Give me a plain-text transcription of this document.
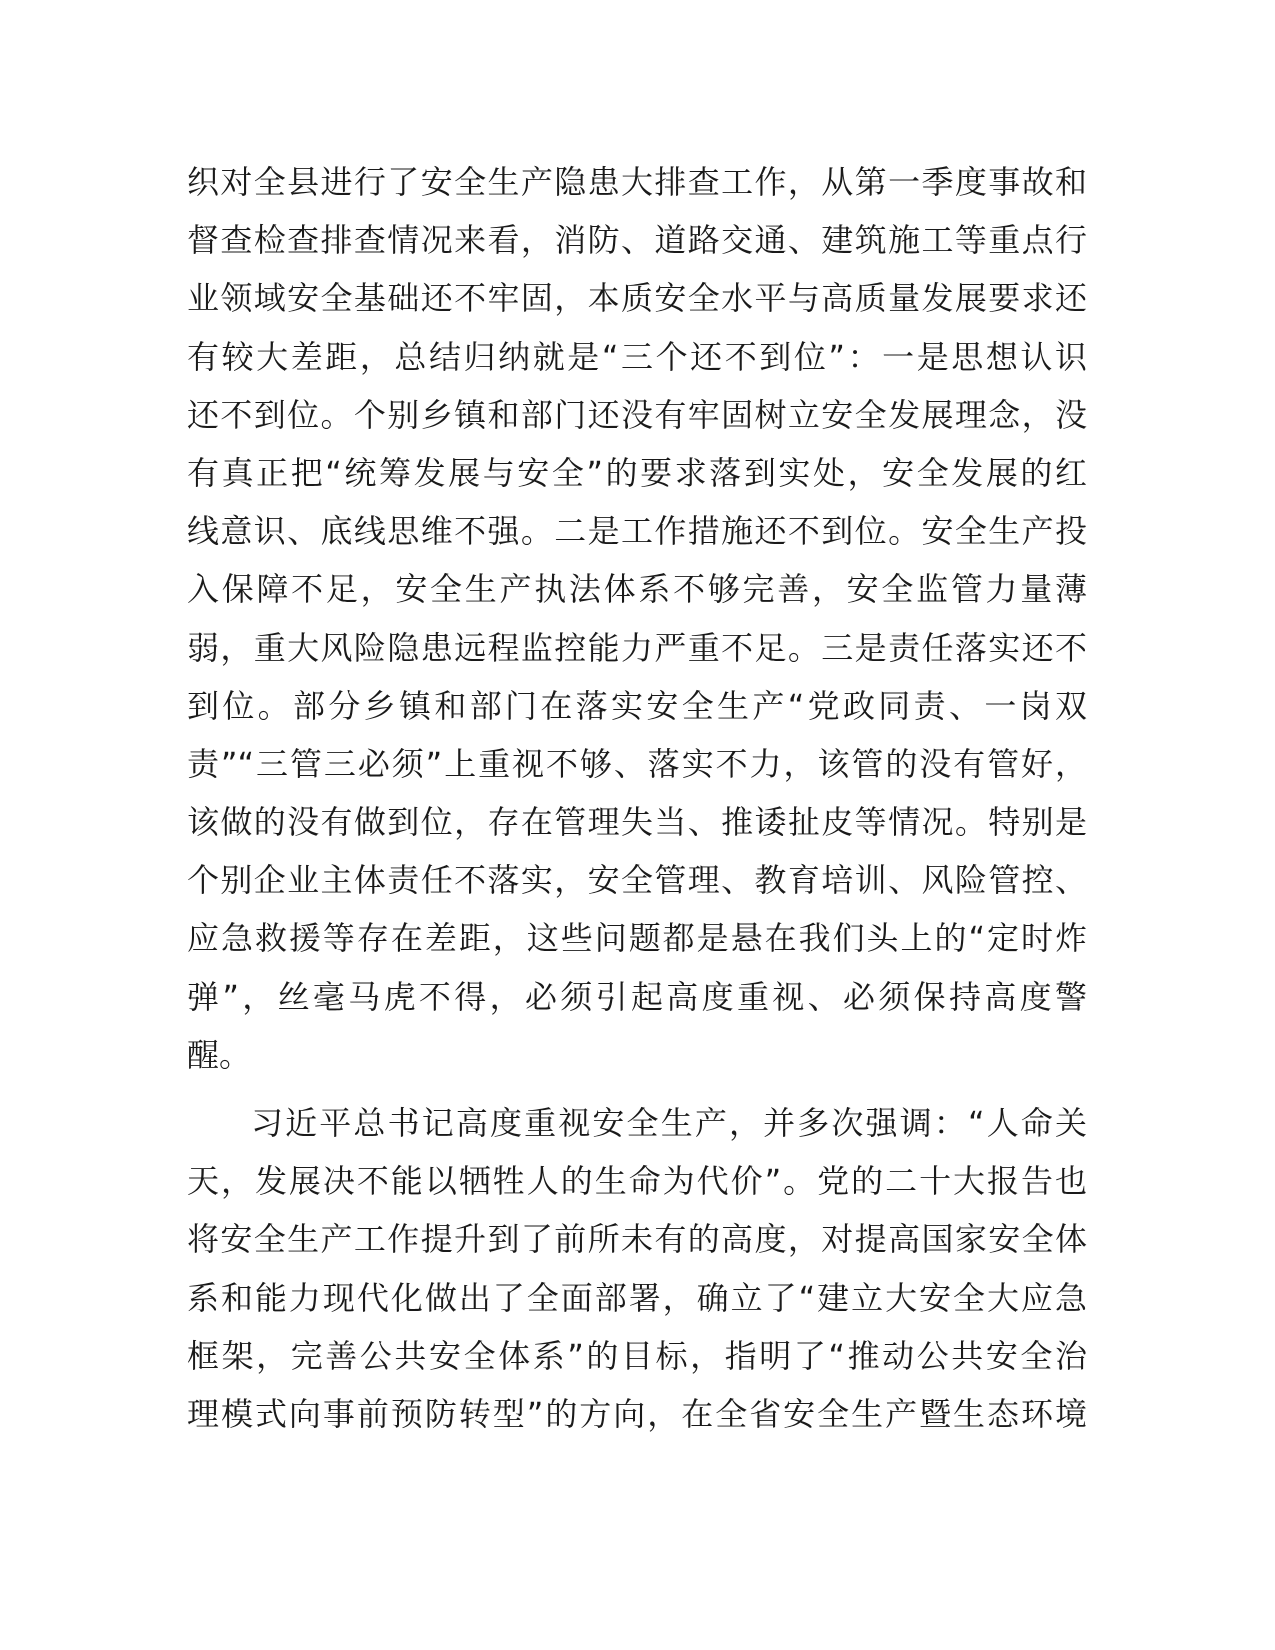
织对全县进行了安全生产隐患大排查工作，从第一季度事故和
督查检查排查情况来看，消防、道路交通、建筑施工等重点行
业领域安全基础还不牢固，本质安全水平与高质量发展要求还
有较大差距，总结归纳就是“三个还不到位”：一是思想认识
还不到位。个别乡镇和部门还没有牢固树立安全发展理念，没
有真正把“统筹发展与安全”的要求落到实处，安全发展的红
线意识、底线思维不强。二是工作措施还不到位。安全生产投
入保障不足，安全生产执法体系不够完善，安全监管力量薄
弱，重大风险隐患远程监控能力严重不足。三是责任落实还不
到位。部分乡镇和部门在落实安全生产“党政同责、一岗双
责”“三管三必须”上重视不够、落实不力，该管的没有管好，
该做的没有做到位，存在管理失当、推诿扯皮等情况。特别是
个别企业主体责任不落实，安全管理、教育培训、风险管控、
应急救援等存在差距，这些问题都是悬在我们头上的“定时炸
弹”，丝毫马虎不得，必须引起高度重视、必须保持高度警
醒。
习近平总书记高度重视安全生产，并多次强调：“人命关
天，发展决不能以牺牲人的生命为代价”。党的二十大报告也
将安全生产工作提升到了前所未有的高度，对提高国家安全体
系和能力现代化做出了全面部署，确立了“建立大安全大应急
框架，完善公共安全体系”的目标，指明了“推动公共安全治
理模式向事前预防转型”的方向，在全省安全生产暨生态环境
